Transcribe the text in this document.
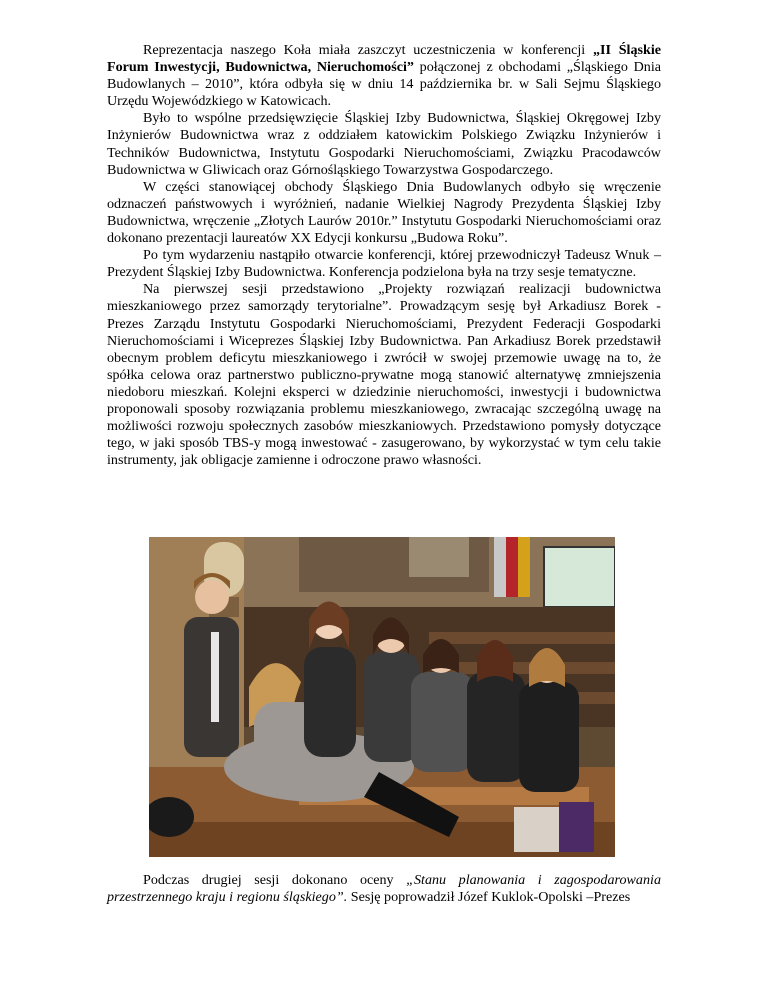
Reprezentacja naszego Koła miała zaszczyt uczestniczenia w konferencji „II Śląskie Forum Inwestycji, Budownictwa, Nieruchomości” połączonej z obchodami „Śląskiego Dnia Budowlanych – 2010”, która odbyła się w dniu 14 października br. w Sali Sejmu Śląskiego Urzędu Wojewódzkiego w Katowicach.

Było to wspólne przedsięwzięcie Śląskiej Izby Budownictwa, Śląskiej Okręgowej Izby Inżynierów Budownictwa wraz z oddziałem katowickim Polskiego Związku Inżynierów i Techników Budownictwa, Instytutu Gospodarki Nieruchomościami, Związku Pracodawców Budownictwa w Gliwicach oraz Górnośląskiego Towarzystwa Gospodarczego.

W części stanowiącej obchody Śląskiego Dnia Budowlanych odbyło się wręczenie odznaczeń państwowych i wyróżnień, nadanie Wielkiej Nagrody Prezydenta Śląskiej Izby Budownictwa, wręczenie „Złotych Laurów 2010r.” Instytutu Gospodarki Nieruchomościami oraz dokonano prezentacji laureatów XX Edycji konkursu „Budowa Roku”.

Po tym wydarzeniu nastąpiło otwarcie konferencji, której przewodniczył Tadeusz Wnuk – Prezydent Śląskiej Izby Budownictwa. Konferencja podzielona była na trzy sesje tematyczne.

Na pierwszej sesji przedstawiono „Projekty rozwiązań realizacji budownictwa mieszkaniowego przez samorządy terytorialne”. Prowadzącym sesję był Arkadiusz Borek - Prezes Zarządu Instytutu Gospodarki Nieruchomościami, Prezydent Federacji Gospodarki Nieruchomościami i Wiceprezes Śląskiej Izby Budownictwa. Pan Arkadiusz Borek przedstawił obecnym problem deficytu mieszkaniowego i zwrócił w swojej przemowie uwagę na to, że spółka celowa oraz partnerstwo publiczno-prywatne mogą stanowić alternatywę zmniejszenia niedoboru mieszkań. Kolejni eksperci w dziedzinie nieruchomości, inwestycji i budownictwa proponowali sposoby rozwiązania problemu mieszkaniowego, zwracając szczególną uwagę na możliwości rozwoju społecznych zasobów mieszkaniowych. Przedstawiono pomysły dotyczące tego, w jaki sposób TBS-y mogą inwestować - zasugerowano, by wykorzystać w tym celu takie instrumenty, jak obligacje zamienne i odroczone prawo własności.

Podczas drugiej sesji dokonano oceny „Stanu planowania i zagospodarowania przestrzennego kraju i regionu śląskiego”. Sesję poprowadził Józef Kuklok-Opolski –Prezes
